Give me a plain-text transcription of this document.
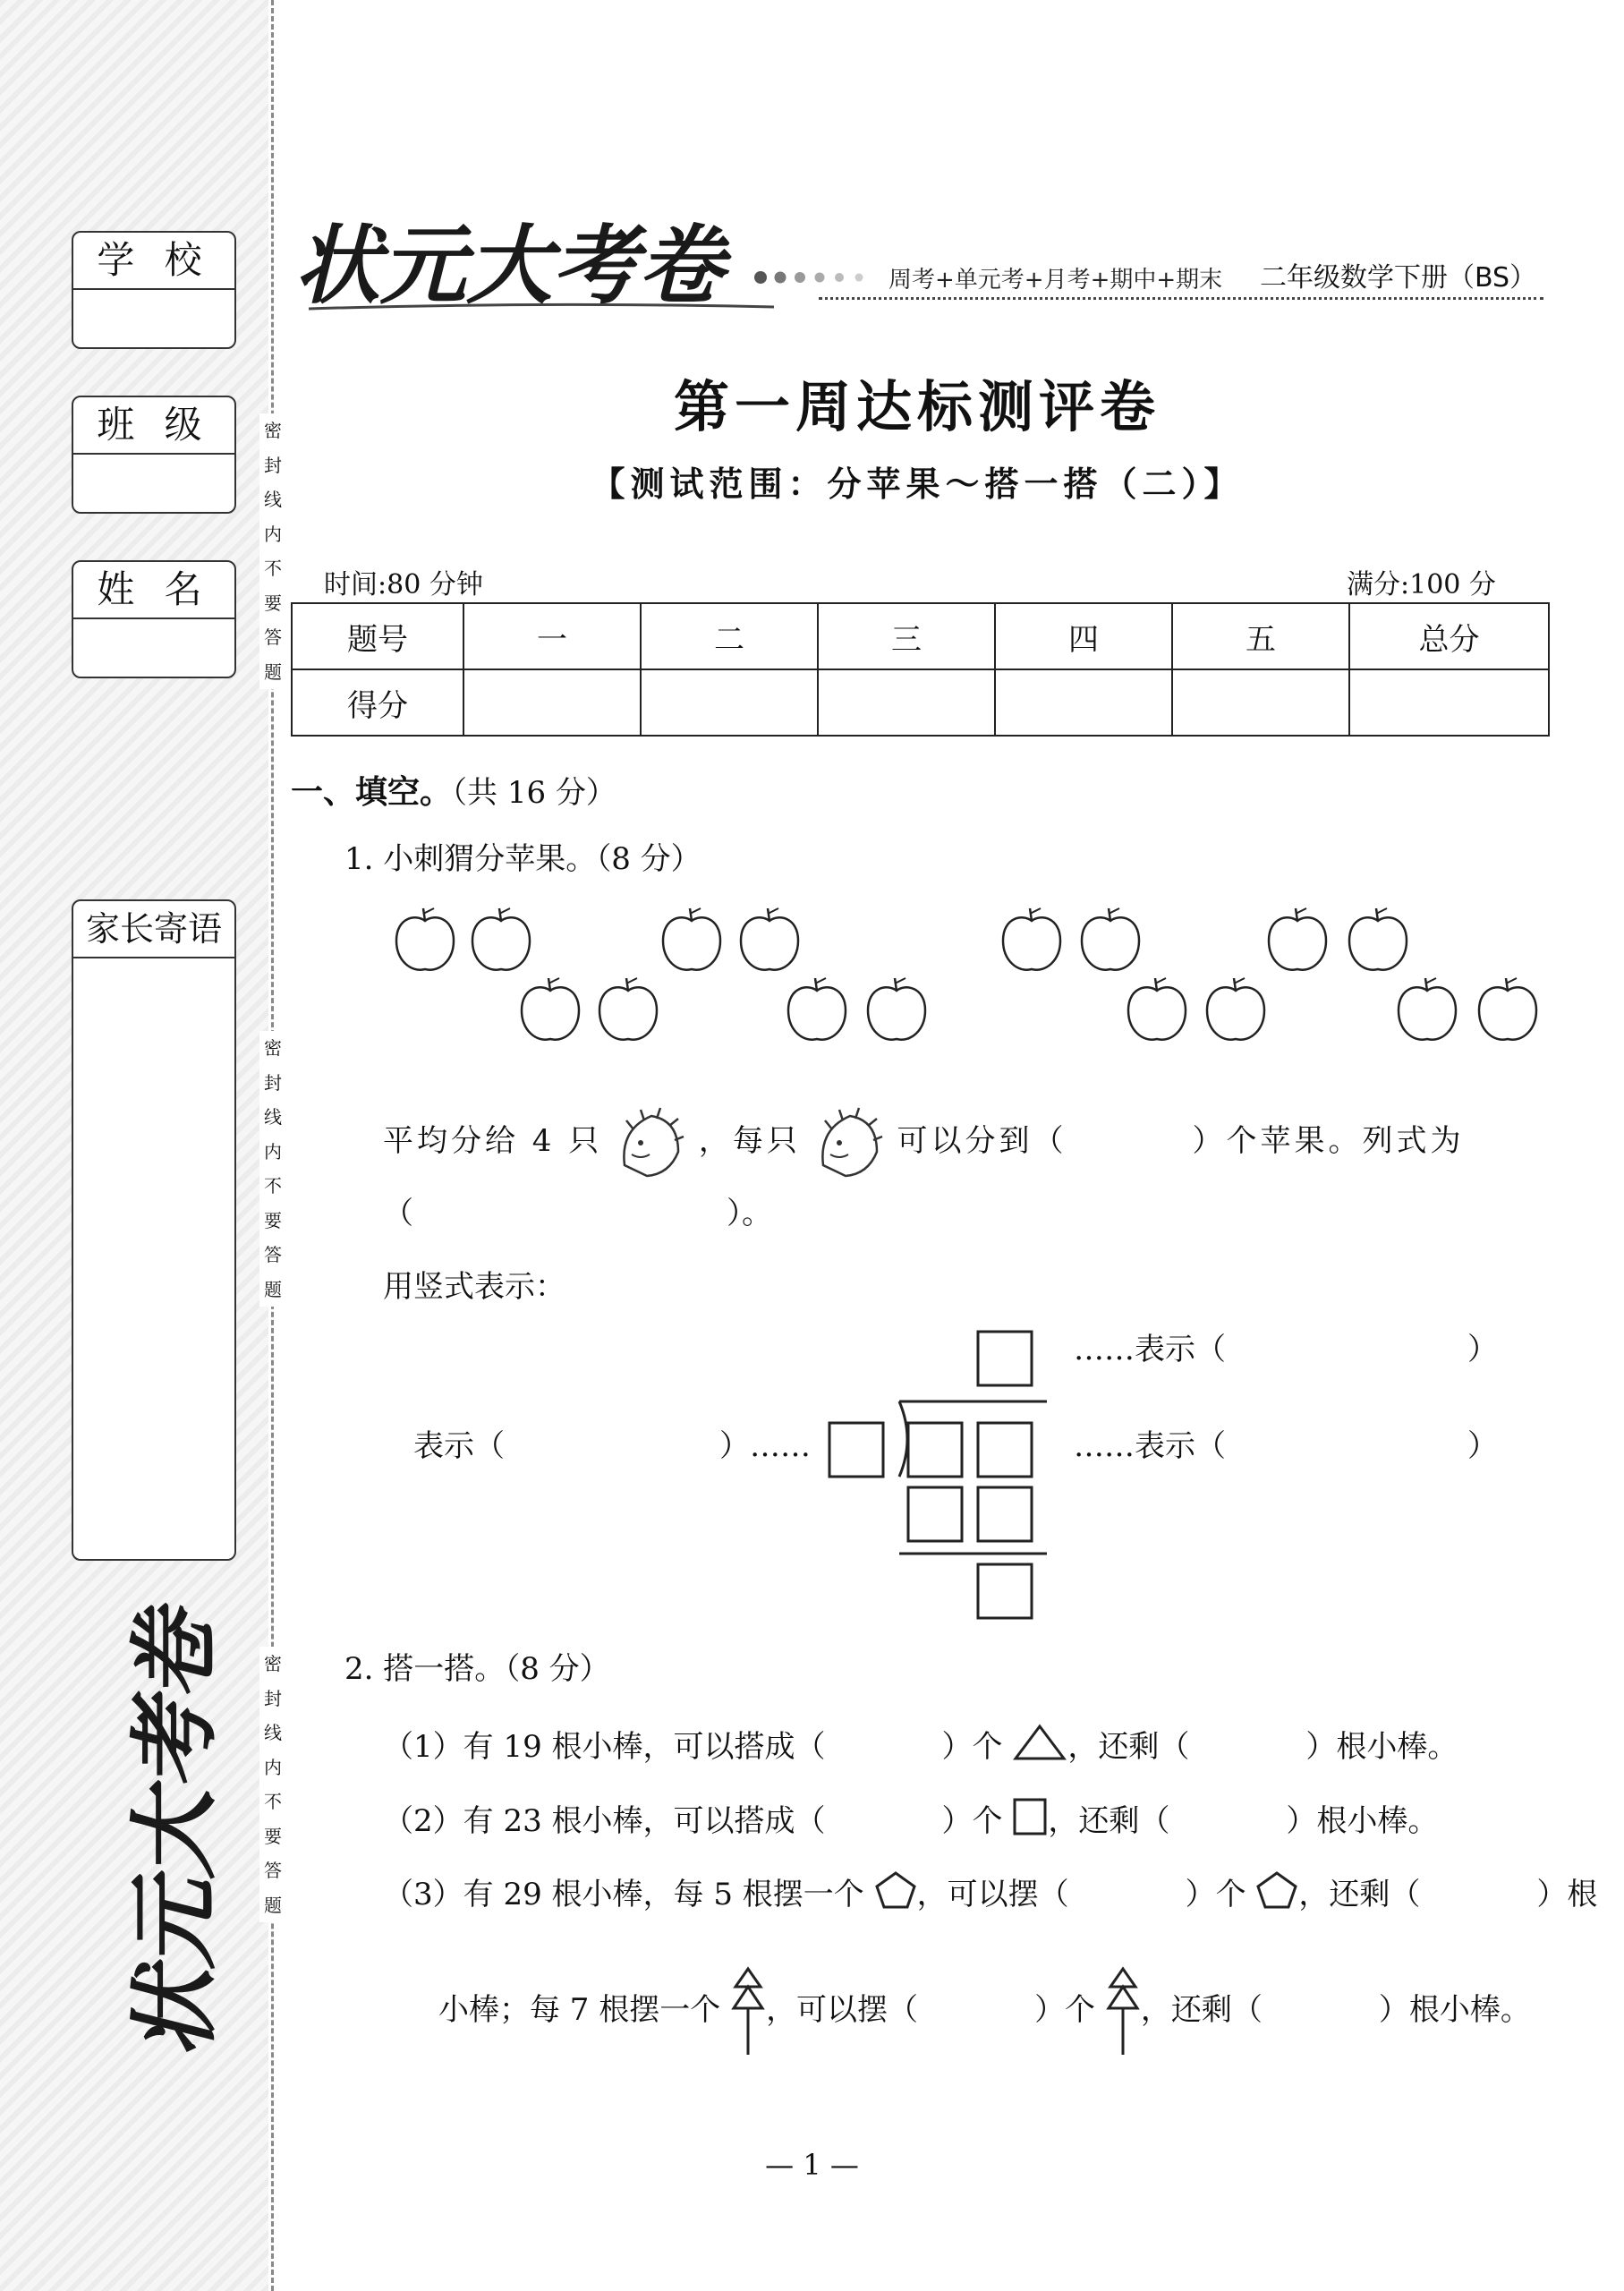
学 校
班 级
姓 名
家长寄语
密
封
线
内
不
要
答
题
密
封
线
内
不
要
答
题
密
封
线
内
不
要
答
题
状元大考卷
状元大考卷	周考+单元考+月考+期中+期末 二年级数学下册（BS）
第一周达标测评卷
【测试范围：分苹果～搭一搭（二）】
时间:80 分钟	满分:100 分
题号	一	二	三	四	五	总分
得分						
一、填空。（共 16 分）
1. 小刺猬分苹果。（8 分）
平均分给 4 只	，每只	可以分到（	）个苹果。列式为
（	）。
用竖式表示：
……表示（	）
……表示（	）
表示（	）……
2. 搭一搭。（8 分）
（1）有 19 根小棒，可以搭成（	）个 ，还剩（	）根小棒。
（2）有 23 根小棒，可以搭成（	）个 ，还剩（	）根小棒。
（3）有 29 根小棒，每 5 根摆一个 ，可以摆（	）个 ，还剩（	）根
小棒；每 7 根摆一个 ，可以摆（	）个 ，还剩（	）根小棒。
— 1 —
